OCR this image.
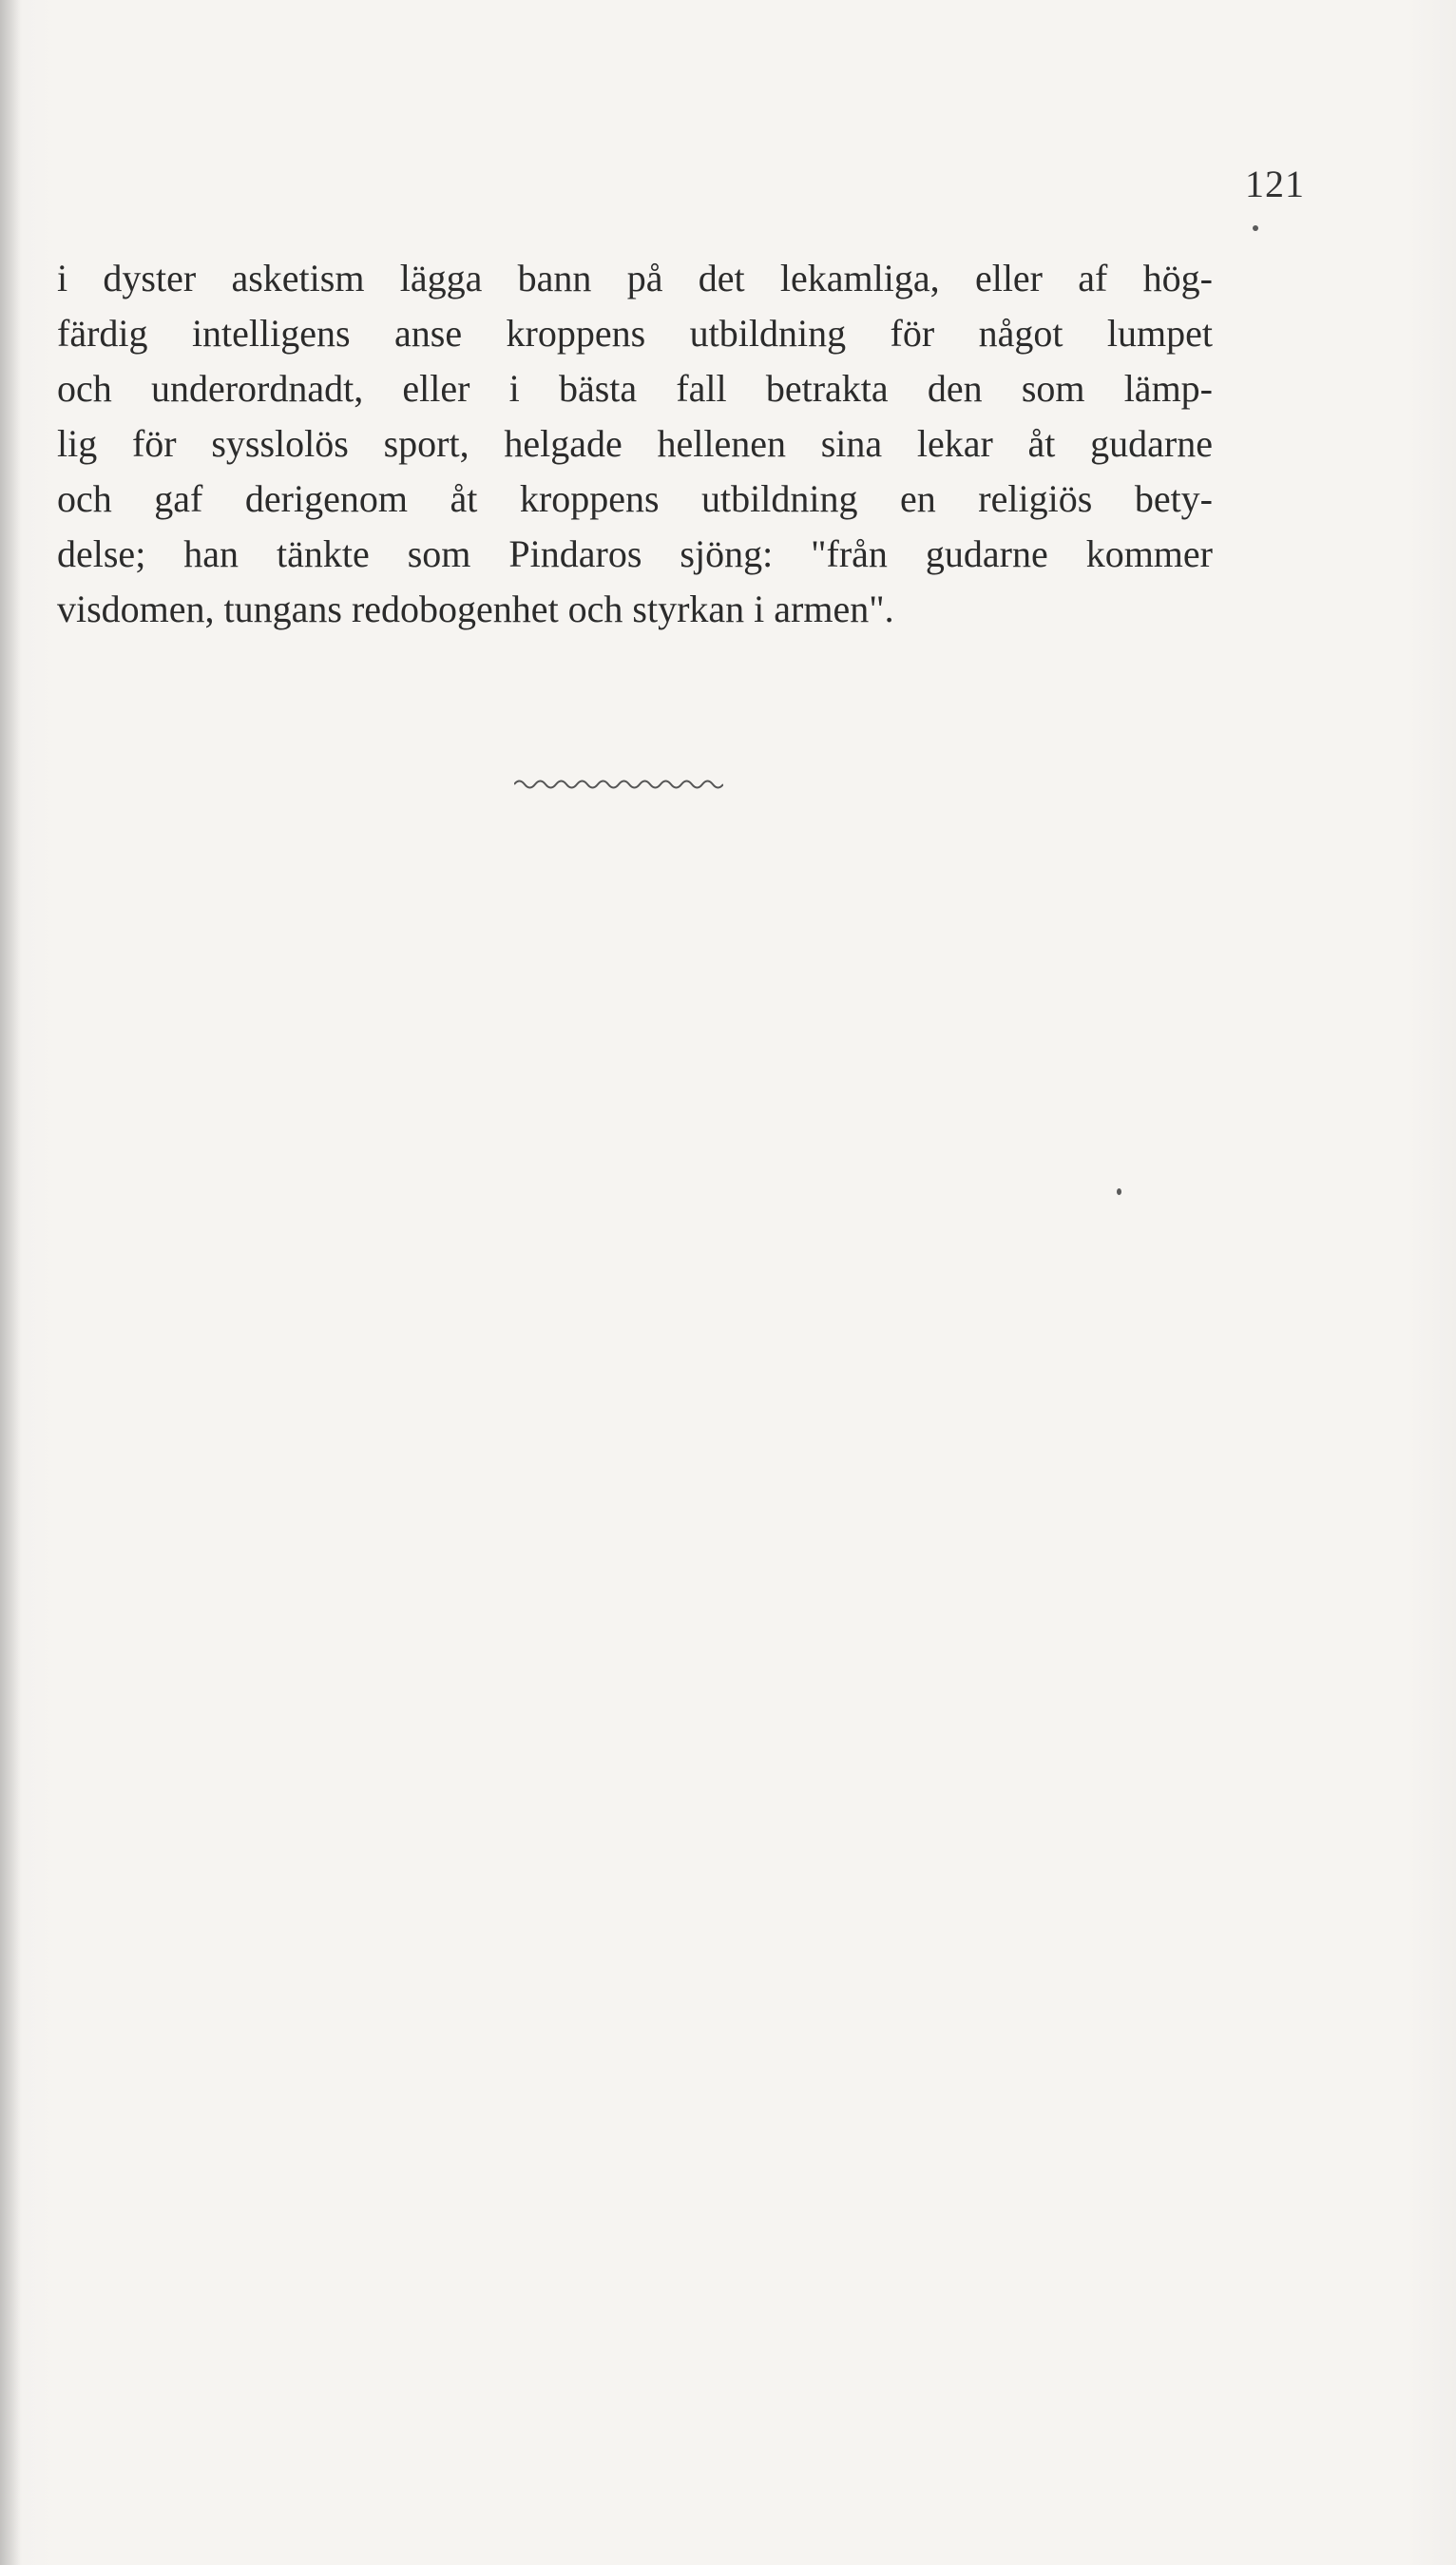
121
i dyster asketism lägga bann på det lekamliga, eller af hög-
färdig intelligens anse kroppens utbildning för något lumpet
och underordnadt, eller i bästa fall betrakta den som lämp-
lig för sysslolös sport, helgade hellenen sina lekar åt gudarne
och gaf derigenom åt kroppens utbildning en religiös bety-
delse; han tänkte som Pindaros sjöng: "från gudarne kommer
visdomen, tungans redobogenhet och styrkan i armen".
